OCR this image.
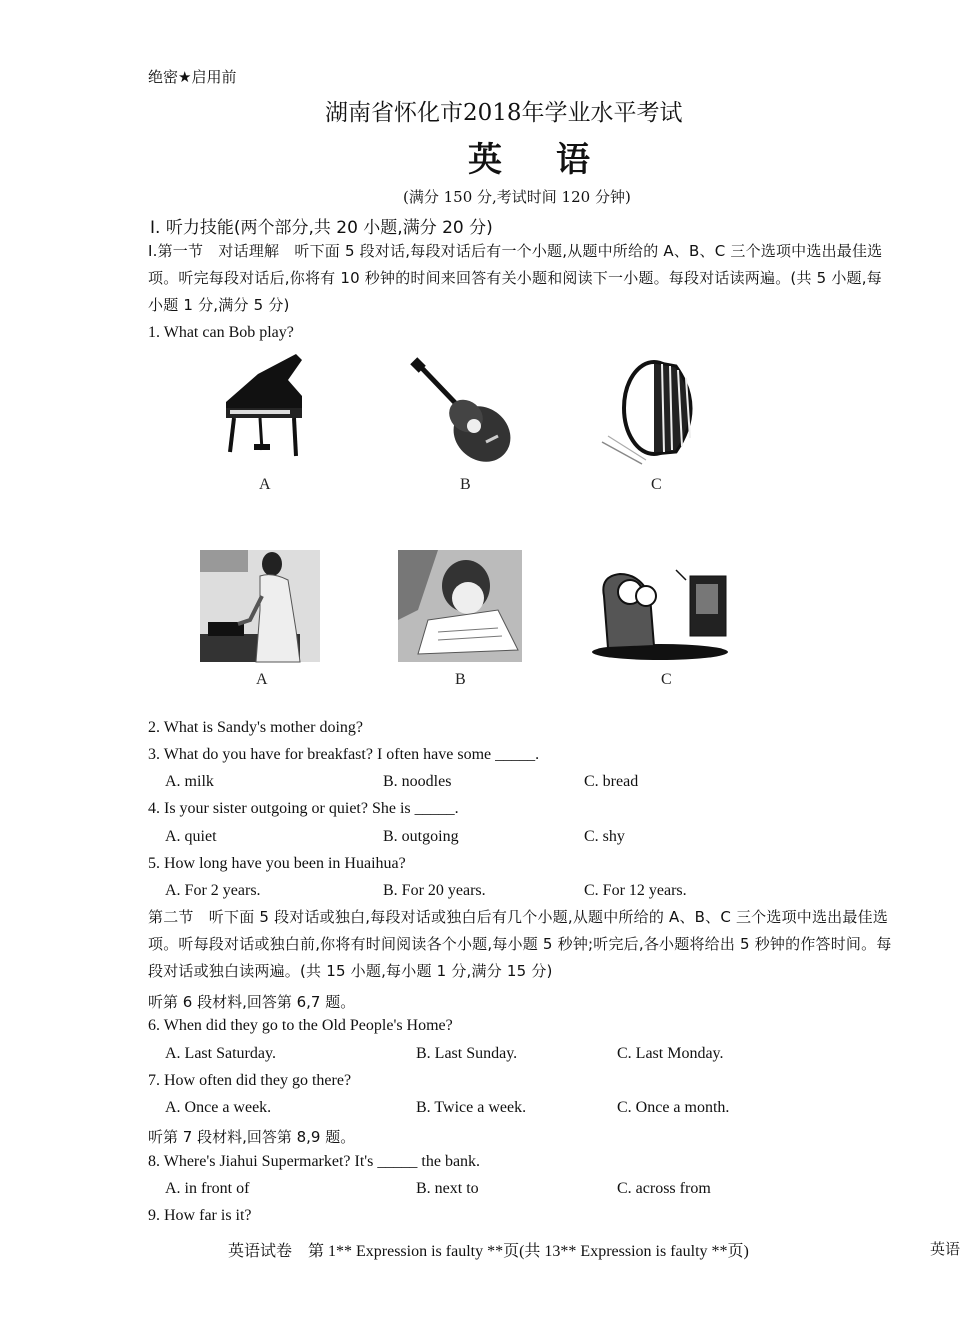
绝密★启用前
湖南省怀化市2018年学业水平考试
英　语
(满分 150 分,考试时间 120 分钟)
Ⅰ. 听力技能(两个部分,共 20 小题,满分 20 分)
Ⅰ.第一节　对话理解　听下面 5 段对话,每段对话后有一个小题,从题中所给的 A、B、C 三个选项中选出最佳选项。听完每段对话后,你将有 10 秒钟的时间来回答有关小题和阅读下一小题。每段对话读两遍。(共 5 小题,每小题 1 分,满分 5 分)
1. What can Bob play?
A	B	C
A	B	C
2. What is Sandy's mother doing?
3. What do you have for breakfast? I often have some _____.
A. milk	B. noodles	C. bread
4. Is your sister outgoing or quiet? She is _____.
A. quiet	B. outgoing	C. shy
5. How long have you been in Huaihua?
A. For 2 years.	B. For 20 years.	C. For 12 years.
第二节　听下面 5 段对话或独白,每段对话或独白后有几个小题,从题中所给的 A、B、C 三个选项中选出最佳选项。听每段对话或独白前,你将有时间阅读各个小题,每小题 5 秒钟;听完后,各小题将给出 5 秒钟的作答时间。每段对话或独白读两遍。(共 15 小题,每小题 1 分,满分 15 分)
听第 6 段材料,回答第 6,7 题。
6. When did they go to the Old People's Home?
A. Last Saturday.	B. Last Sunday.	C. Last Monday.
7. How often did they go there?
A. Once a week.	B. Twice a week.	C. Once a month.
听第 7 段材料,回答第 8,9 题。
8. Where's Jiahui Supermarket? It's _____ the bank.
A. in front of	B. next to	C. across from
9. How far is it?
英语试卷　第 1** Expression is faulty **页(共 13** Expression is faulty **页)	英语
